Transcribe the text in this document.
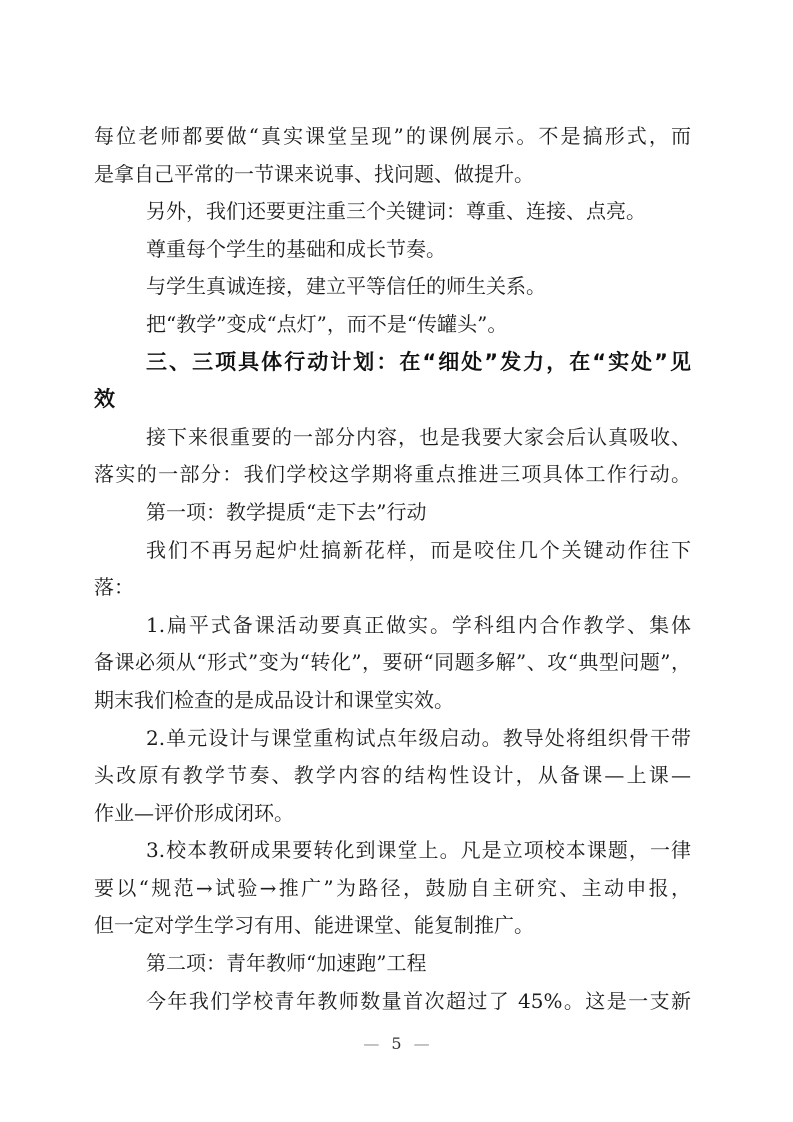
每位老师都要做“真实课堂呈现”的课例展示。不是搞形式，而
是拿自己平常的一节课来说事、找问题、做提升。
另外，我们还要更注重三个关键词：尊重、连接、点亮。
尊重每个学生的基础和成长节奏。
与学生真诚连接，建立平等信任的师生关系。
把“教学”变成“点灯”，而不是“传罐头”。
三、三项具体行动计划：在“细处”发力，在“实处”见
效
接下来很重要的一部分内容，也是我要大家会后认真吸收、
落实的一部分：我们学校这学期将重点推进三项具体工作行动。
第一项：教学提质“走下去”行动
我们不再另起炉灶搞新花样，而是咬住几个关键动作往下
落：
1.扁平式备课活动要真正做实。学科组内合作教学、集体
备课必须从“形式”变为“转化”，要研“同题多解”、攻“典型问题”，
期末我们检查的是成品设计和课堂实效。
2.单元设计与课堂重构试点年级启动。教导处将组织骨干带
头改原有教学节奏、教学内容的结构性设计，从备课—上课—
作业—评价形成闭环。
3.校本教研成果要转化到课堂上。凡是立项校本课题，一律
要以“规范→试验→推广”为路径，鼓励自主研究、主动申报，
但一定对学生学习有用、能进课堂、能复制推广。
第二项：青年教师“加速跑”工程
今年我们学校青年教师数量首次超过了 45%。这是一支新
— 5 —
